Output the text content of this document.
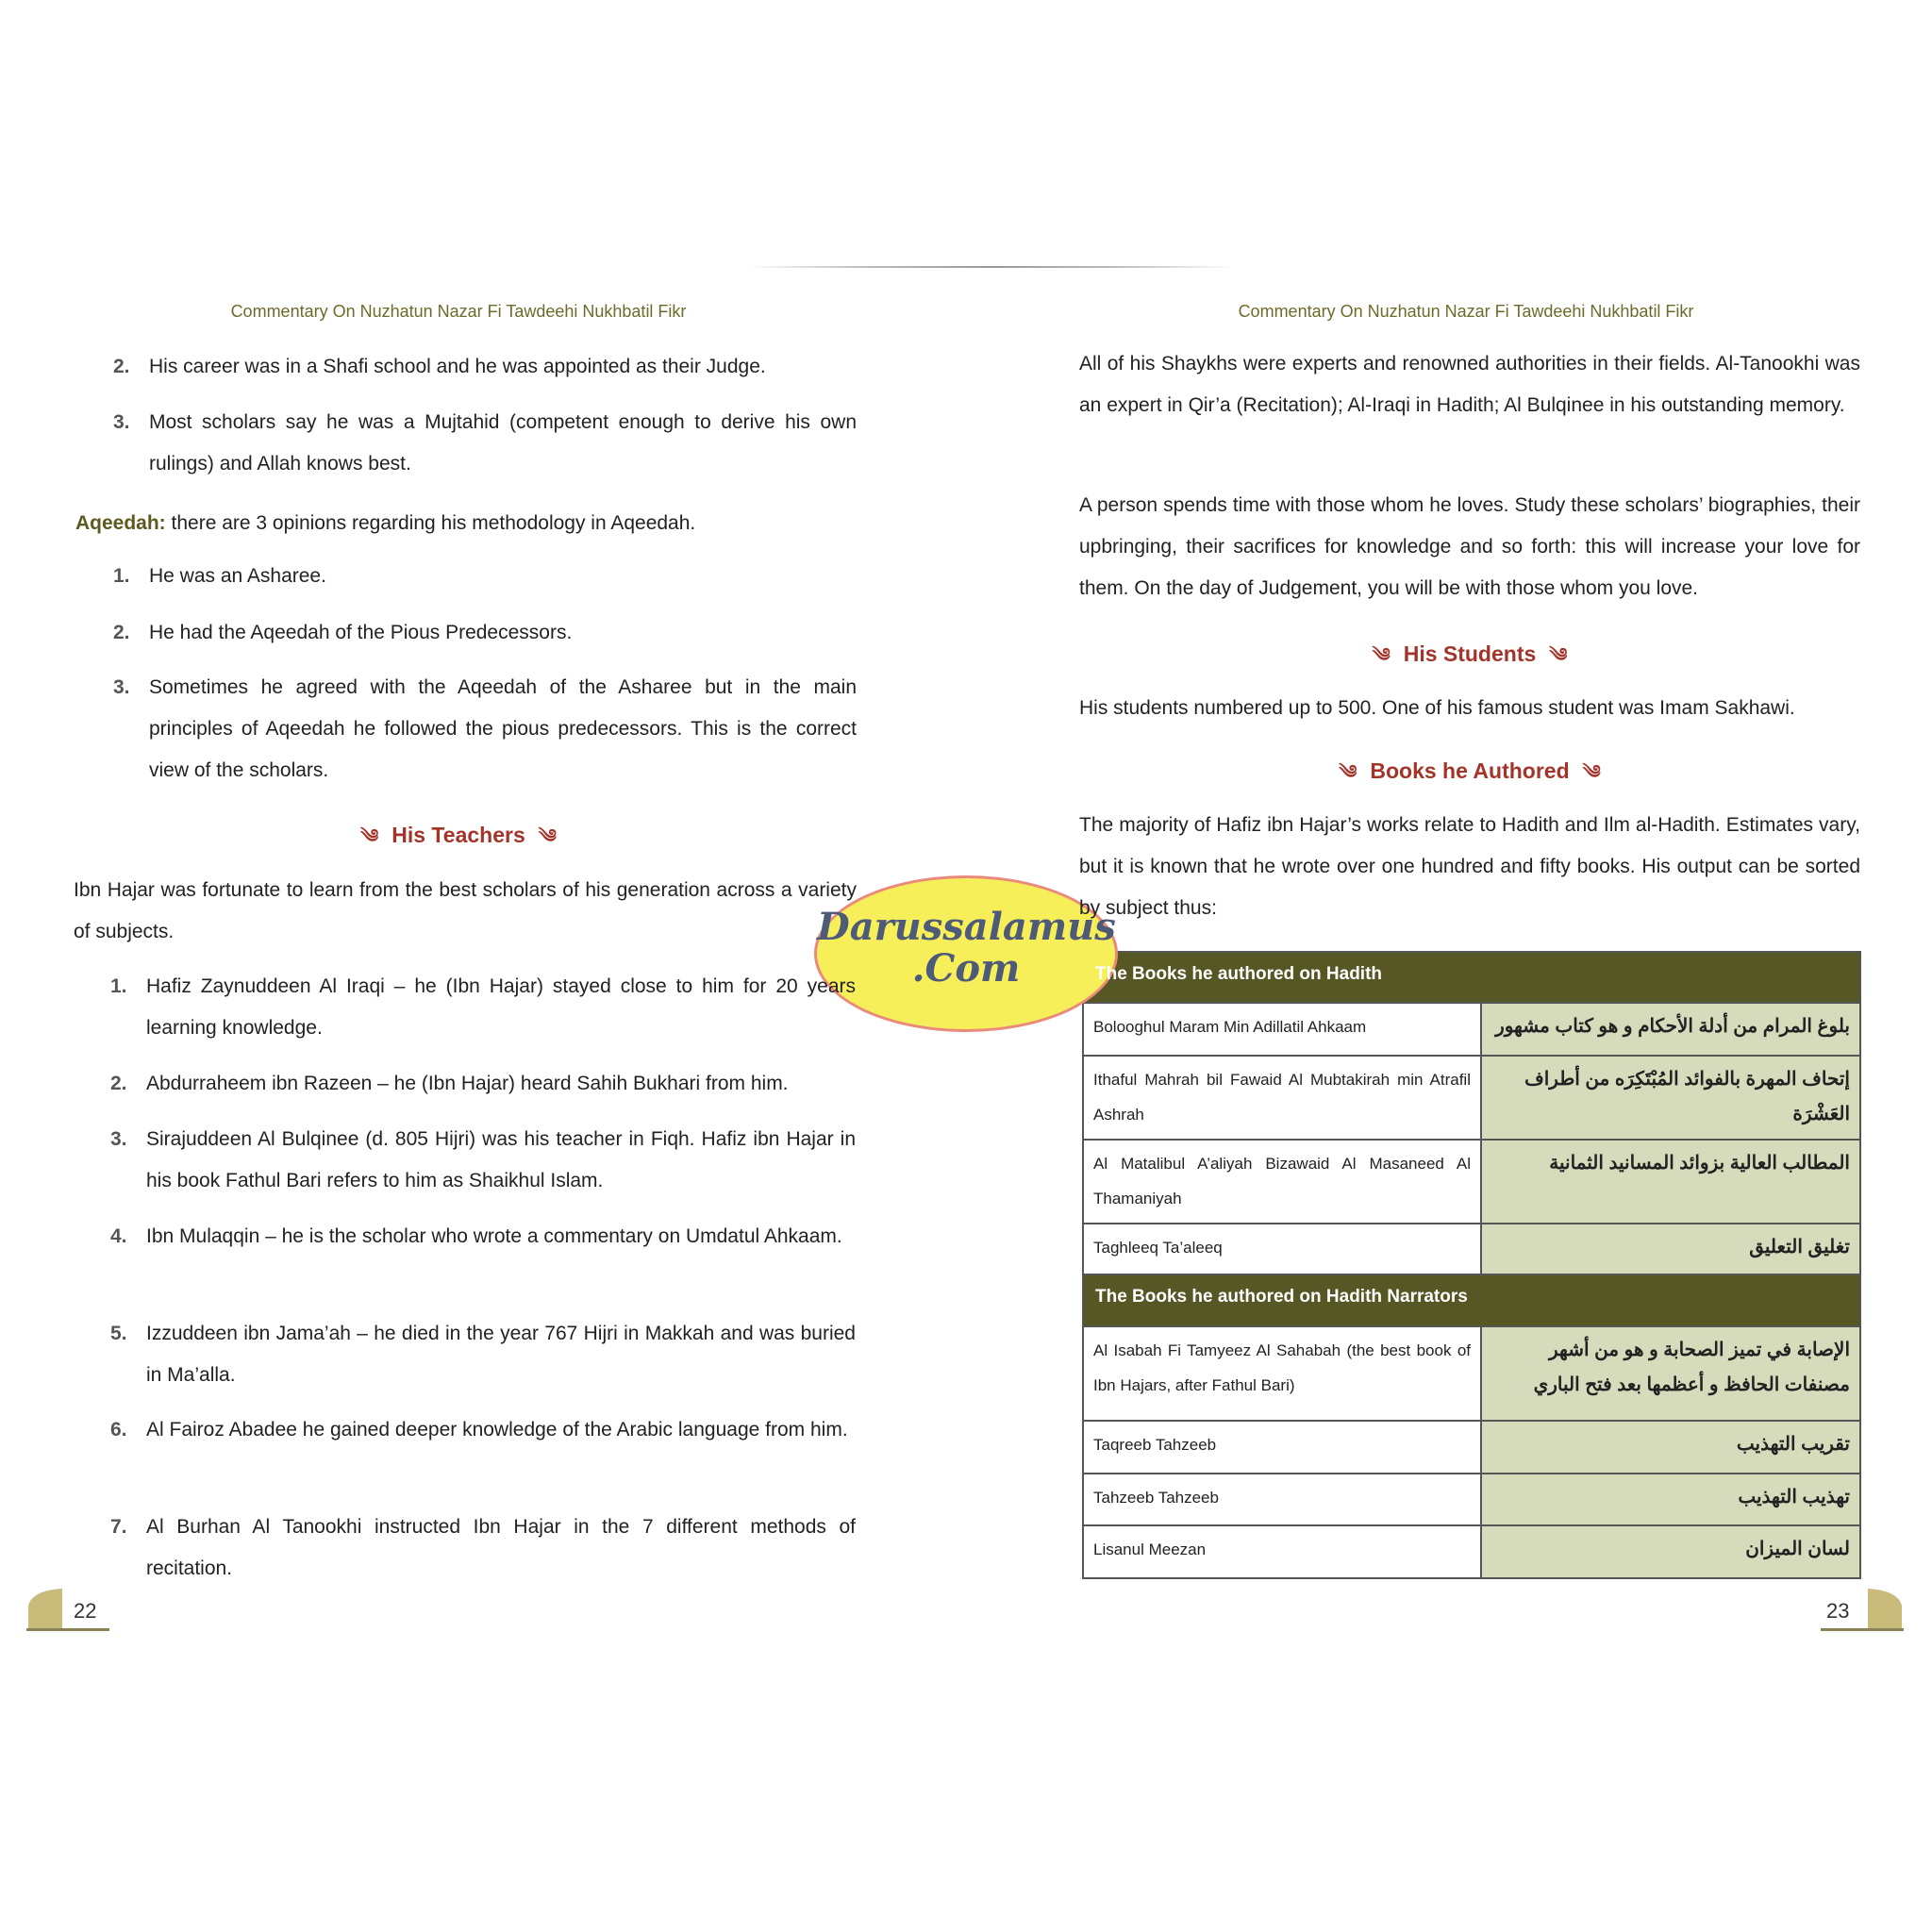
Commentary On Nuzhatun Nazar Fi Tawdeehi Nukhbatil Fikr
2. His career was in a Shafi school and he was appointed as their Judge.
3. Most scholars say he was a Mujtahid (competent enough to derive his own rulings) and Allah knows best.
Aqeedah: there are 3 opinions regarding his methodology in Aqeedah.
1. He was an Asharee.
2. He had the Aqeedah of the Pious Predecessors.
3. Sometimes he agreed with the Aqeedah of the Asharee but in the main principles of Aqeedah he followed the pious predecessors. This is the correct view of the scholars.
༄ His Teachers ༄
Ibn Hajar was fortunate to learn from the best scholars of his generation across a variety of subjects.
1. Hafiz Zaynuddeen Al Iraqi – he (Ibn Hajar) stayed close to him for 20 years learning knowledge.
2. Abdurraheem ibn Razeen – he (Ibn Hajar) heard Sahih Bukhari from him.
3. Sirajuddeen Al Bulqinee (d. 805 Hijri) was his teacher in Fiqh. Hafiz ibn Hajar in his book Fathul Bari refers to him as Shaikhul Islam.
4. Ibn Mulaqqin – he is the scholar who wrote a commentary on Umdatul Ahkaam.
5. Izzuddeen ibn Jama’ah – he died in the year 767 Hijri in Makkah and was buried in Ma’alla.
6. Al Fairoz Abadee he gained deeper knowledge of the Arabic language from him.
7. Al Burhan Al Tanookhi instructed Ibn Hajar in the 7 different methods of recitation.
22
Commentary On Nuzhatun Nazar Fi Tawdeehi Nukhbatil Fikr
All of his Shaykhs were experts and renowned authorities in their fields. Al-Tanookhi was an expert in Qir’a (Recitation); Al-Iraqi in Hadith; Al Bulqinee in his outstanding memory.
A person spends time with those whom he loves. Study these scholars’ biographies, their upbringing, their sacrifices for knowledge and so forth: this will increase your love for them. On the day of Judgement, you will be with those whom you love.
༄ His Students ༄
His students numbered up to 500. One of his famous student was Imam Sakhawi.
༄ Books he Authored ༄
The majority of Hafiz ibn Hajar’s works relate to Hadith and Ilm al-Hadith. Estimates vary, but it is known that he wrote over one hundred and fifty books. His output can be sorted by subject thus:
The Books he authored on Hadith	
Bolooghul Maram Min Adillatil Ahkaam	بلوغ المرام من أدلة الأحكام و هو كتاب مشهور
Ithaful Mahrah bil Fawaid Al Mubtakirah min Atrafil Ashrah	إتحاف المهرة بالفوائد المُبْتَكِرَه من أطراف العَشْرَة
Al Matalibul A’aliyah Bizawaid Al Masaneed Al Thamaniyah	المطالب العالية بزوائد المسانيد الثمانية
Taghleeq Ta’aleeq	تغليق التعليق
The Books he authored on Hadith Narrators	
Al Isabah Fi Tamyeez Al Sahabah (the best book of Ibn Hajars, after Fathul Bari)	الإصابة في تميز الصحابة و هو من أشهر مصنفات الحافظ و أعظمها بعد فتح الباري
Taqreeb Tahzeeb	تقريب التهذيب
Tahzeeb Tahzeeb	تهذيب التهذيب
Lisanul Meezan	لسان الميزان
23
Darussalamus
.Com
